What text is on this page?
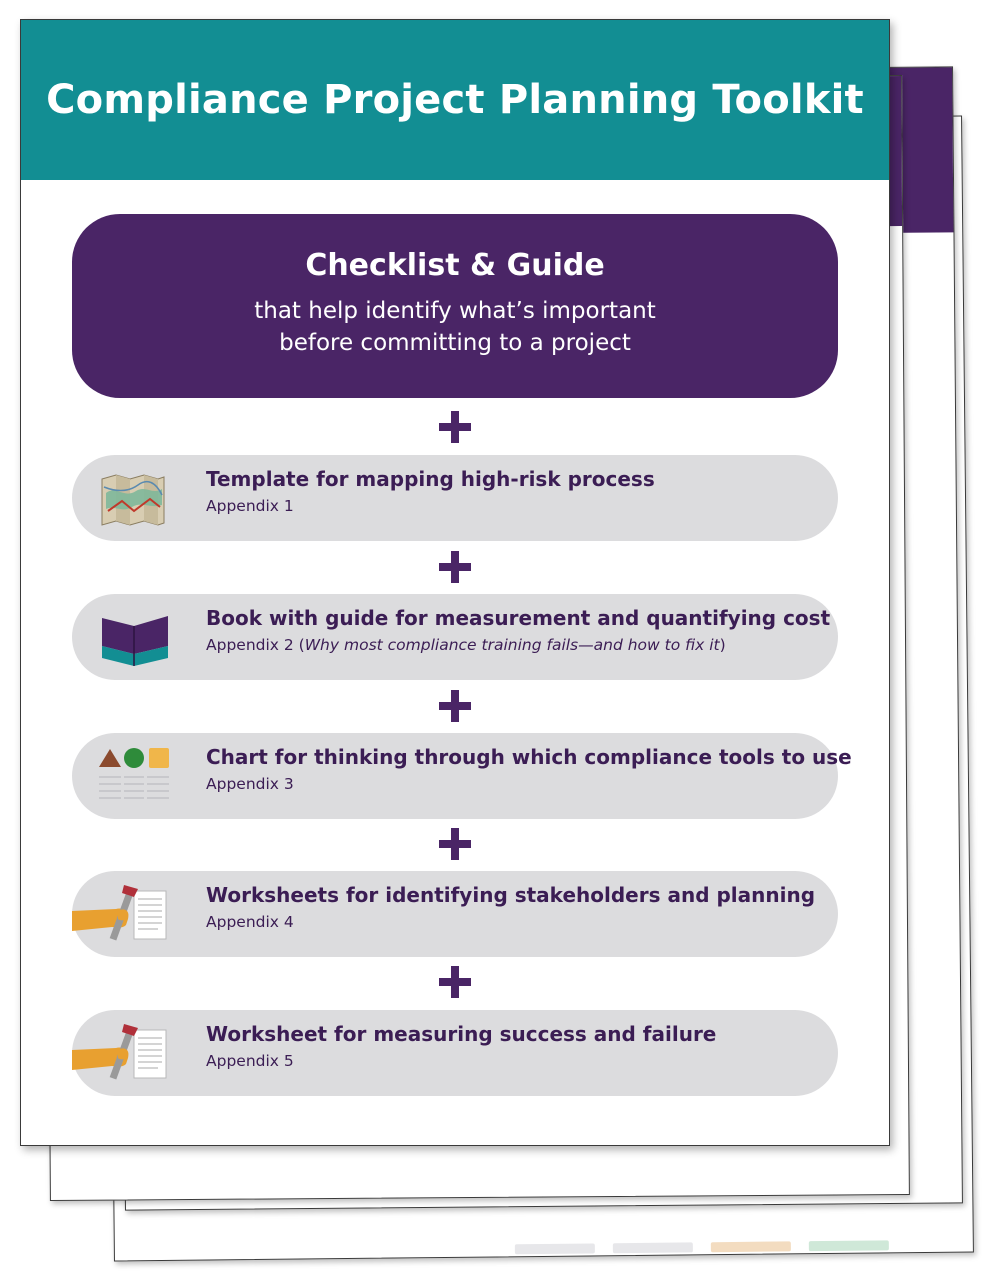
Compliance Project Planning Toolkit
Checklist & Guide
that help identify what’s important
before committing to a project
Template for mapping high-risk process
Appendix 1
Book with guide for measurement and quantifying cost
Appendix 2 (Why most compliance training fails—and how to fix it)
Chart for thinking through which compliance tools to use
Appendix 3
Worksheets for identifying stakeholders and planning
Appendix 4
Worksheet for measuring success and failure
Appendix 5
